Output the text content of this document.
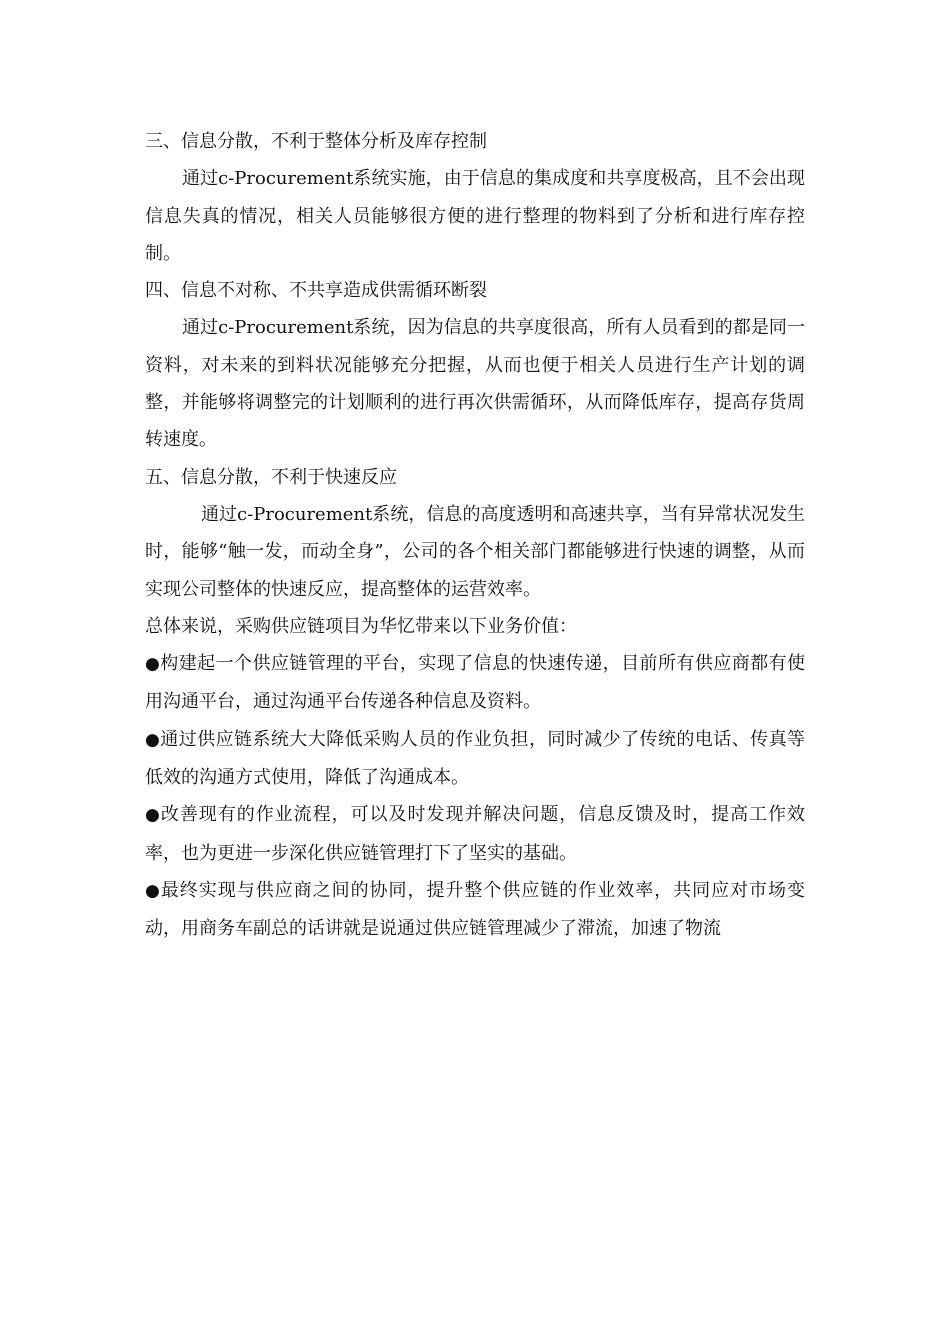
三、信息分散，不利于整体分析及库存控制

通过c-Procurement系统实施，由于信息的集成度和共享度极高，且不会出现信息失真的情况，相关人员能够很方便的进行整理的物料到了分析和进行库存控制。

四、信息不对称、不共享造成供需循环断裂

通过c-Procurement系统，因为信息的共享度很高，所有人员看到的都是同一资料，对未来的到料状况能够充分把握，从而也便于相关人员进行生产计划的调整，并能够将调整完的计划顺利的进行再次供需循环，从而降低库存，提高存货周转速度。

五、信息分散，不利于快速反应

通过c-Procurement系统，信息的高度透明和高速共享，当有异常状况发生时，能够“触一发，而动全身”，公司的各个相关部门都能够进行快速的调整，从而实现公司整体的快速反应，提高整体的运营效率。

总体来说，采购供应链项目为华忆带来以下业务价值：

●构建起一个供应链管理的平台，实现了信息的快速传递，目前所有供应商都有使用沟通平台，通过沟通平台传递各种信息及资料。

●通过供应链系统大大降低采购人员的作业负担，同时减少了传统的电话、传真等低效的沟通方式使用，降低了沟通成本。

●改善现有的作业流程，可以及时发现并解决问题，信息反馈及时，提高工作效率，也为更进一步深化供应链管理打下了坚实的基础。

●最终实现与供应商之间的协同，提升整个供应链的作业效率，共同应对市场变动，用商务车副总的话讲就是说通过供应链管理减少了滞流，加速了物流
